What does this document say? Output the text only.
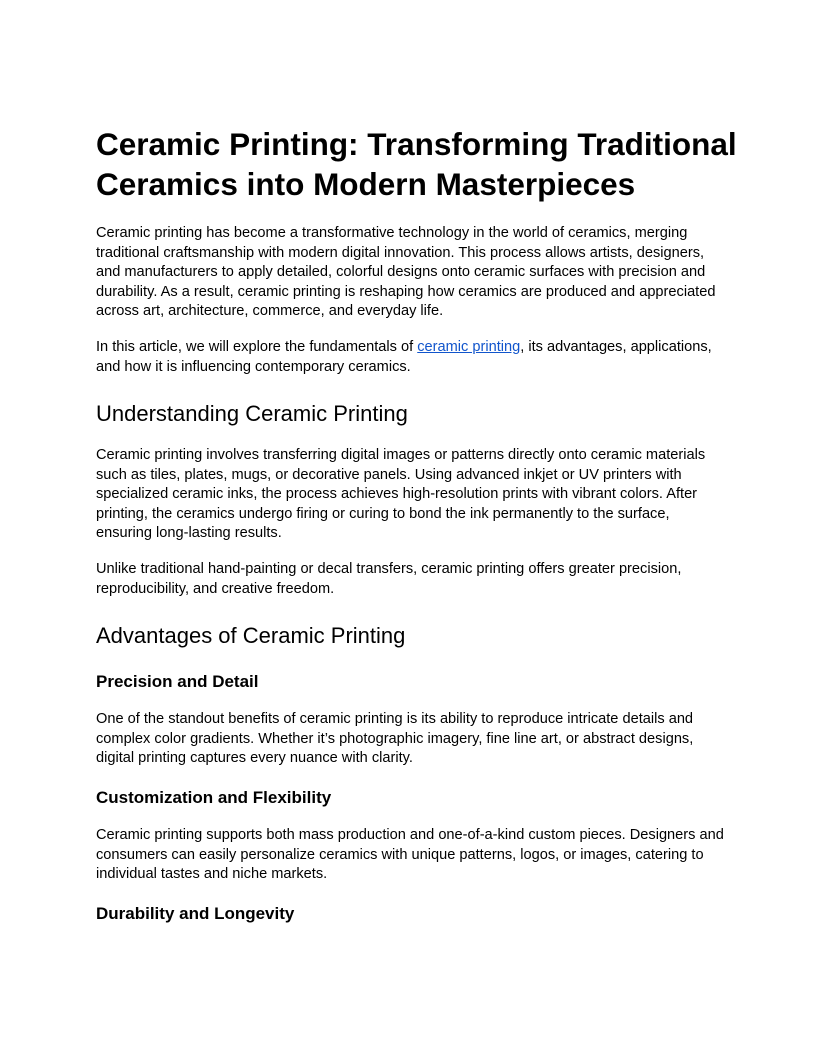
Ceramic Printing: Transforming Traditional
Ceramics into Modern Masterpieces

Ceramic printing has become a transformative technology in the world of ceramics, merging traditional craftsmanship with modern digital innovation. This process allows artists, designers, and manufacturers to apply detailed, colorful designs onto ceramic surfaces with precision and durability. As a result, ceramic printing is reshaping how ceramics are produced and appreciated across art, architecture, commerce, and everyday life.

In this article, we will explore the fundamentals of ceramic printing, its advantages, applications, and how it is influencing contemporary ceramics.

Understanding Ceramic Printing

Ceramic printing involves transferring digital images or patterns directly onto ceramic materials such as tiles, plates, mugs, or decorative panels. Using advanced inkjet or UV printers with specialized ceramic inks, the process achieves high-resolution prints with vibrant colors. After printing, the ceramics undergo firing or curing to bond the ink permanently to the surface, ensuring long-lasting results.

Unlike traditional hand-painting or decal transfers, ceramic printing offers greater precision, reproducibility, and creative freedom.

Advantages of Ceramic Printing
Precision and Detail

One of the standout benefits of ceramic printing is its ability to reproduce intricate details and complex color gradients. Whether it’s photographic imagery, fine line art, or abstract designs, digital printing captures every nuance with clarity.

Customization and Flexibility

Ceramic printing supports both mass production and one-of-a-kind custom pieces. Designers and consumers can easily personalize ceramics with unique patterns, logos, or images, catering to individual tastes and niche markets.

Durability and Longevity
